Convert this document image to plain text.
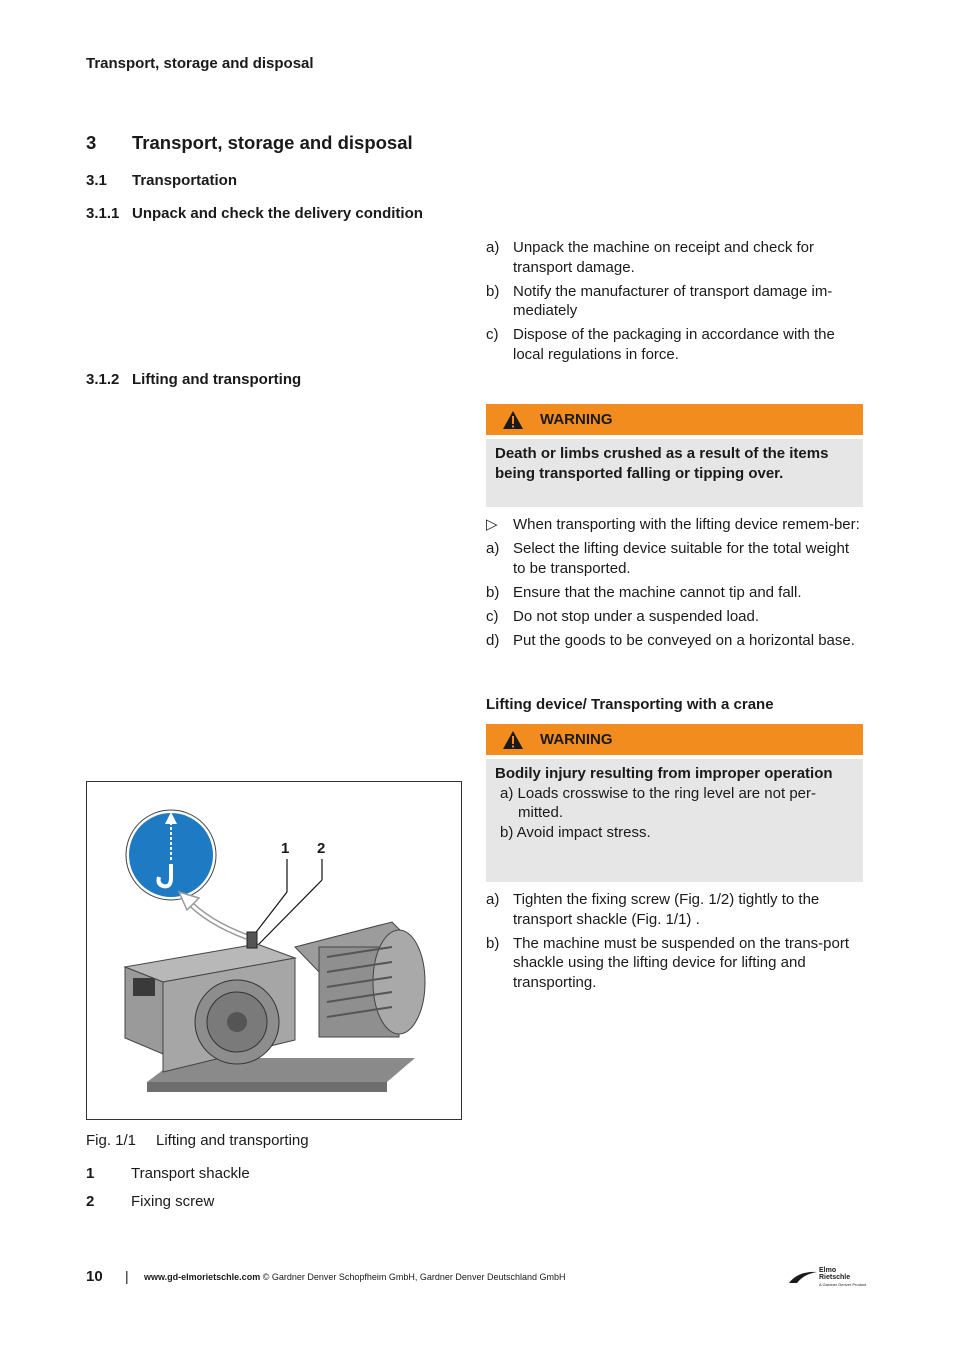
Transport, storage and disposal
3 Transport, storage and disposal
3.1 Transportation
3.1.1 Unpack and check the delivery condition
3.1.2 Lifting and transporting
a) Unpack the machine on receipt and check for transport damage.
b) Notify the manufacturer of transport damage im-mediately
c) Dispose of the packaging in accordance with the local regulations in force.
WARNING
Death or limbs crushed as a result of the items being transported falling or tipping over.
▷	When transporting with the lifting device remem-ber:
a) Select the lifting device suitable for the total weight to be transported.
b) Ensure that the machine cannot tip and fall.
c) Do not stop under a suspended load.
d) Put the goods to be conveyed on a horizontal base.
Lifting device/ Transporting with a crane
WARNING
Bodily injury resulting from improper operation
a) Loads crosswise to the ring level are not per-
mitted.
b) Avoid impact stress.
a) Tighten the fixing screw (Fig. 1/2) tightly to the transport shackle (Fig. 1/1) .
b) The machine must be suspended on the trans-port shackle using the lifting device for lifting and transporting.
1 2
Fig. 1/1 Lifting and transporting
1 Transport shackle
2 Fixing screw
10 | www.gd-elmorietschle.com © Gardner Denver Schopfheim GmbH, Gardner Denver Deutschland GmbH
Elmo
Rietschle
A Gardner Denver Product
